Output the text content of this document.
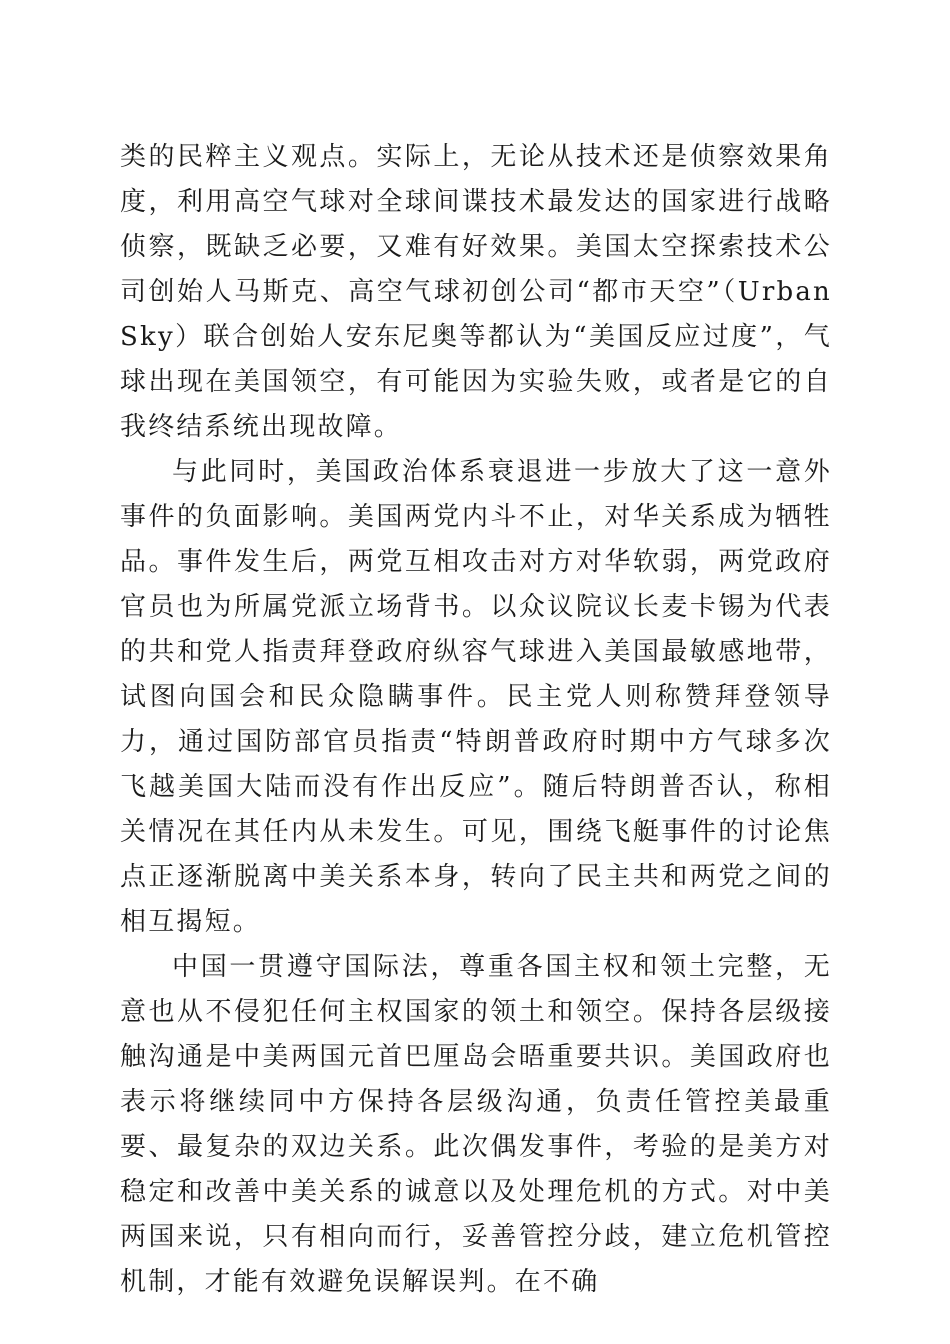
类的民粹主义观点。实际上，无论从技术还是侦察效果角度，利用高空气球对全球间谍技术最发达的国家进行战略侦察，既缺乏必要，又难有好效果。美国太空探索技术公司创始人马斯克、高空气球初创公司“都市天空”（UrbanSky）联合创始人安东尼奥等都认为“美国反应过度”，气球出现在美国领空，有可能因为实验失败，或者是它的自我终结系统出现故障。

与此同时，美国政治体系衰退进一步放大了这一意外事件的负面影响。美国两党内斗不止，对华关系成为牺牲品。事件发生后，两党互相攻击对方对华软弱，两党政府官员也为所属党派立场背书。以众议院议长麦卡锡为代表的共和党人指责拜登政府纵容气球进入美国最敏感地带，试图向国会和民众隐瞒事件。民主党人则称赞拜登领导力，通过国防部官员指责“特朗普政府时期中方气球多次飞越美国大陆而没有作出反应”。随后特朗普否认，称相关情况在其任内从未发生。可见，围绕飞艇事件的讨论焦点正逐渐脱离中美关系本身，转向了民主共和两党之间的相互揭短。

中国一贯遵守国际法，尊重各国主权和领土完整，无意也从不侵犯任何主权国家的领土和领空。保持各层级接触沟通是中美两国元首巴厘岛会晤重要共识。美国政府也表示将继续同中方保持各层级沟通，负责任管控美最重要、最复杂的双边关系。此次偶发事件，考验的是美方对稳定和改善中美关系的诚意以及处理危机的方式。对中美两国来说，只有相向而行，妥善管控分歧，建立危机管控机制，才能有效避免误解误判。在不确
